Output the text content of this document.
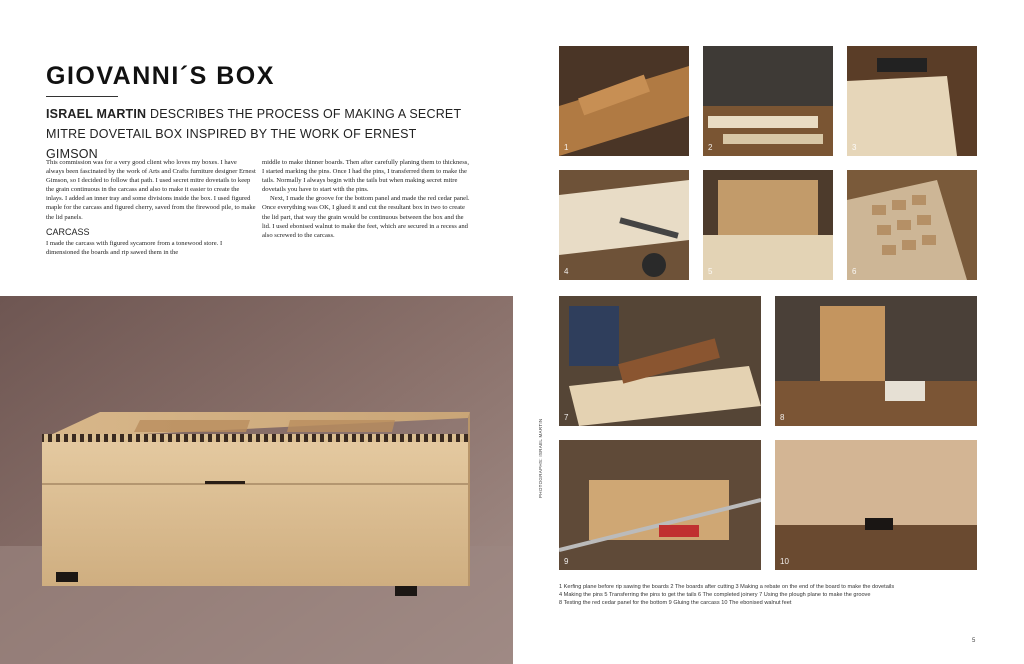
GIOVANNI´S BOX
ISRAEL MARTIN DESCRIBES THE PROCESS OF MAKING A SECRET MITRE DOVETAIL BOX INSPIRED BY THE WORK OF ERNEST GIMSON

This commission was for a very good client who loves my boxes. I have always been fascinated by the work of Arts and Crafts furniture designer Ernest Gimson, so I decided to follow that path. I used secret mitre dovetails to keep the grain continuous in the carcass and also to make it easier to create the inlays. I added an inner tray and some divisions inside the box. I used figured maple for the carcass and figured cherry, saved from the firewood pile, to make the lid panels.

CARCASS

I made the carcass with figured sycamore from a tonewood store. I dimensioned the boards and rip sawed them in the

middle to make thinner boards. Then after carefully planing them to thickness, I started marking the pins. Once I had the pins, I transferred them to make the tails. Normally I always begin with the tails but when making secret mitre dovetails you have to start with the pins.

Next, I made the groove for the bottom panel and made the red cedar panel. Once everything was OK, I glued it and cut the resultant box in two to create the lid part, that way the grain would be continuous between the box and the lid. I used ebonised walnut to make the feet, which are secured in a recess and also screwed to the carcass.

PHOTOGRAPHS: ISRAEL MARTIN
1	2	3
4	5	6
7	8
9	10
1 Kerfing plane before rip sawing the boards 2 The boards after cutting 3 Making a rebate on the end of the board to make the dovetails
4 Making the pins 5 Transferring the pins to get the tails 6 The completed joinery 7 Using the plough plane to make the groove
8 Testing the red cedar panel for the bottom 9 Gluing the carcass 10 The ebonised walnut feet
5
